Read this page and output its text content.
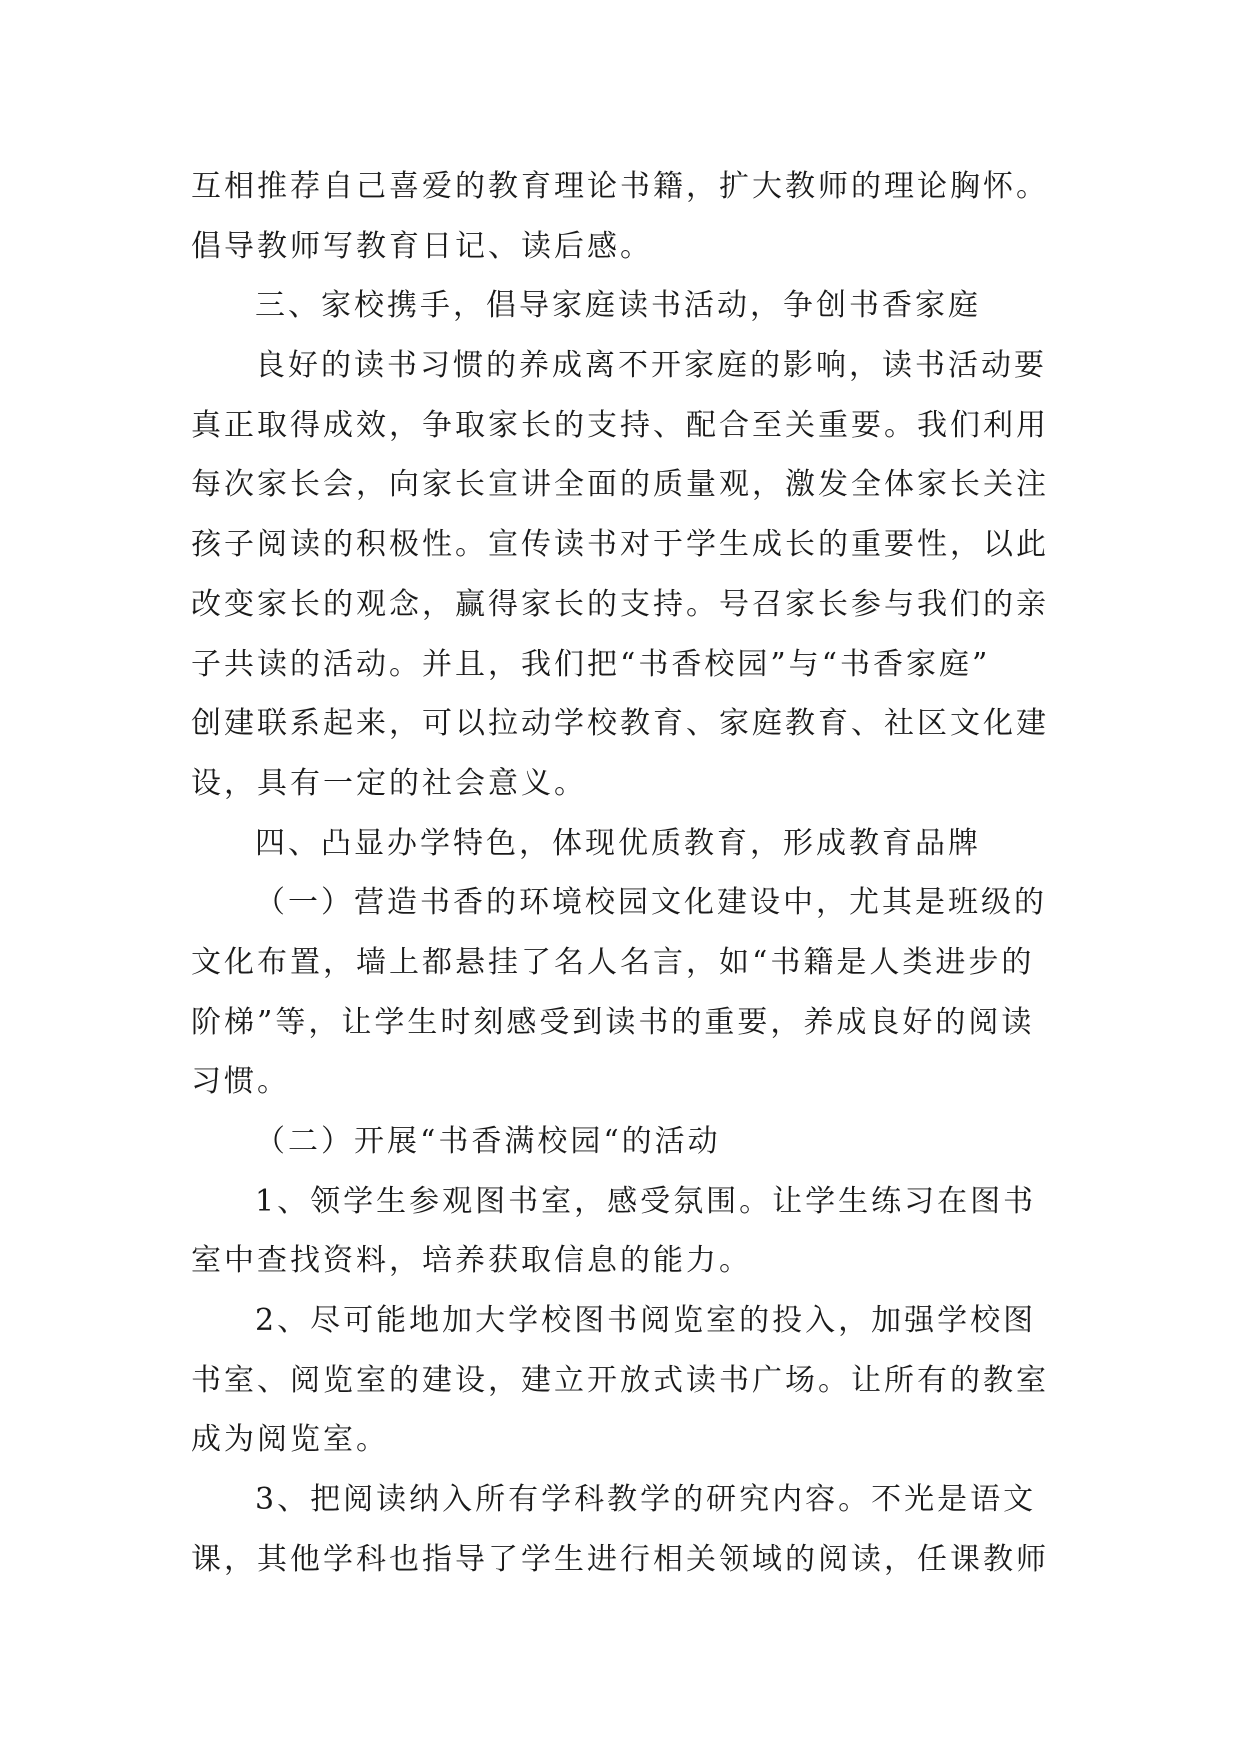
互相推荐自己喜爱的教育理论书籍，扩大教师的理论胸怀。
倡导教师写教育日记、读后感。
三、家校携手，倡导家庭读书活动，争创书香家庭
良好的读书习惯的养成离不开家庭的影响，读书活动要
真正取得成效，争取家长的支持、配合至关重要。我们利用
每次家长会，向家长宣讲全面的质量观，激发全体家长关注
孩子阅读的积极性。宣传读书对于学生成长的重要性，以此
改变家长的观念，赢得家长的支持。号召家长参与我们的亲
子共读的活动。并且，我们把“书香校园”与“书香家庭”
创建联系起来，可以拉动学校教育、家庭教育、社区文化建
设，具有一定的社会意义。
四、凸显办学特色，体现优质教育，形成教育品牌
（一）营造书香的环境校园文化建设中，尤其是班级的
文化布置，墙上都悬挂了名人名言，如“书籍是人类进步的
阶梯”等，让学生时刻感受到读书的重要，养成良好的阅读
习惯。
（二）开展“书香满校园“的活动
1、领学生参观图书室，感受氛围。让学生练习在图书
室中查找资料，培养获取信息的能力。
2、尽可能地加大学校图书阅览室的投入，加强学校图
书室、阅览室的建设，建立开放式读书广场。让所有的教室
成为阅览室。
3、把阅读纳入所有学科教学的研究内容。不光是语文
课，其他学科也指导了学生进行相关领域的阅读，任课教师
